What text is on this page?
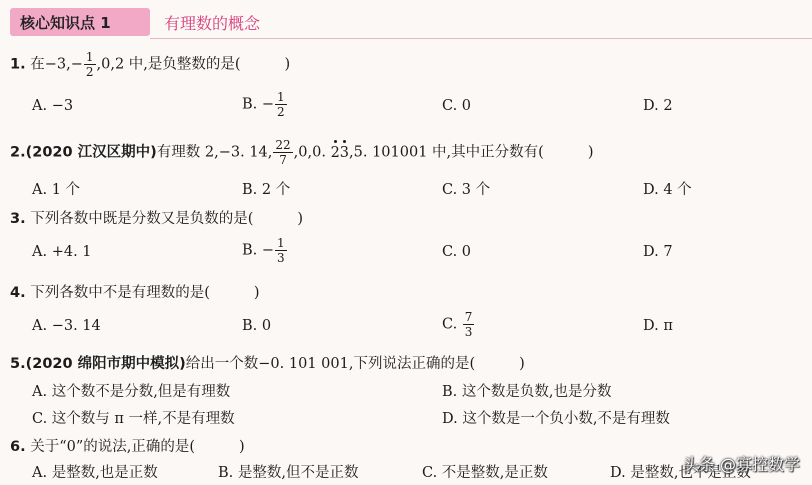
核心知识点 1	有理数的概念
1. 在$-3,- \frac{1}{2} ,0,2$ 中,是负整数的是(	)
A. −3	B. − $\frac{1}{2}$	C. 0	D. 2
2.(2020 江汉区期中)有理数 2,−3. 14, $\frac{22}{7} ,0,0$. 23,5. 101001 中,其中正分数有(	)
A. 1 个	B. 2 个	C. 3 个	D. 4 个
3. 下列各数中既是分数又是负数的是(	)
A. +4. 1	B. − $\frac{1}{3}$	C. 0	D. 7
4. 下列各数中不是有理数的是(	)
A. −3. 14	B. 0	C. $\frac{7}{3}$	D. π
5.(2020 绵阳市期中模拟)给出一个数−0. 101 001,下列说法正确的是(	)
A. 这个数不是分数,但是有理数	B. 这个数是负数,也是分数
C. 这个数与 π 一样,不是有理数	D. 这个数是一个负小数,不是有理数
6. 关于“0”的说法,正确的是(	)
A. 是整数,也是正数	B. 是整数,但不是正数	C. 不是整数,是正数	D. 是整数,也不是正数
头条 @寡控数学
